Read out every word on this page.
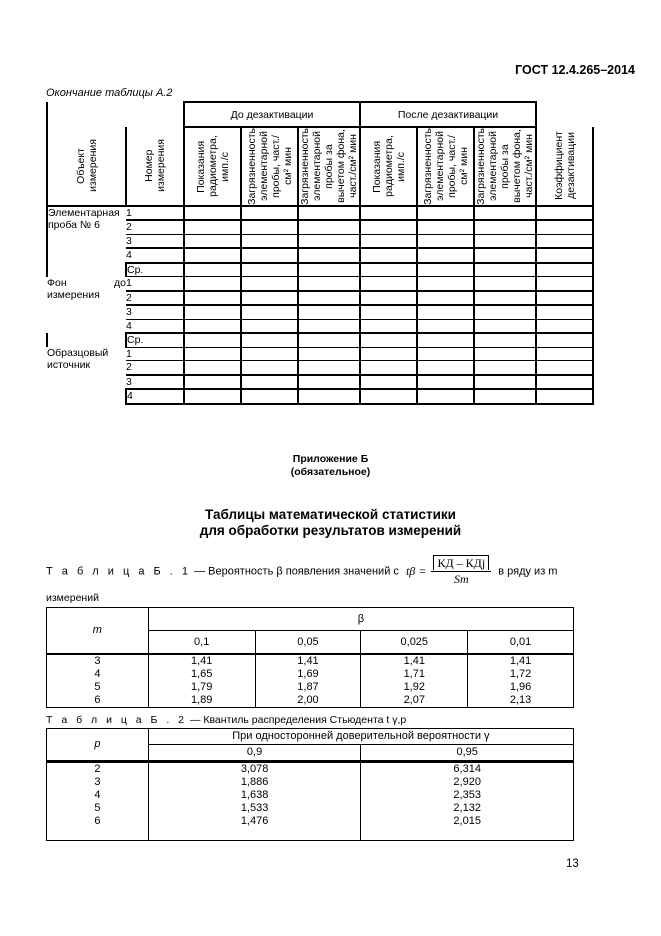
ГОСТ 12.4.265–2014
Окончание таблицы А.2
		До дезактивации			После дезактивации			

Объект измерения	Номер измерения	Показания радиометра, имп./с	Загрязненность элементарной пробы, част./см² мин	Загрязненность элементарной пробы за вычетом фона, част./см² мин	Показания радиометра, имп./с	Загрязненность элементарной пробы, част./см² мин	Загрязненность элементарной пробы за вычетом фона, част./см² мин	Коэффициент дезактивации

Элементарная проба № 6	1							
	2							
	3							
	4							
	Ср.							
Фон до измерения	1							
	2							
	3							
	4							
	Ср.							
Образцовый источник	1							
	2							
	3							
	4							
Приложение Б
(обязательное)
Таблицы математической статистики
для обработки результатов измерений
Т а б л и ц а Б . 1 — Вероятность β появления значений с $t\beta = \frac{\text{КД – КДj}}{Sm}$ в ряду из m
измерений
m	β			
	0,1	0,05	0,025	0,01
3	1,41	1,41	1,41	1,41
4	1,65	1,69	1,71	1,72
5	1,79	1,87	1,92	1,96
6	1,89	2,00	2,07	2,13
Т а б л и ц а Б . 2 — Квантиль распределения Стьюдента t γ,p
p	При односторонней доверительной вероятности γ	
	0,9	0,95
2	3,078	6,314
3	1,886	2,920
4	1,638	2,353
5	1,533	2,132
6	1,476	2,015

13
